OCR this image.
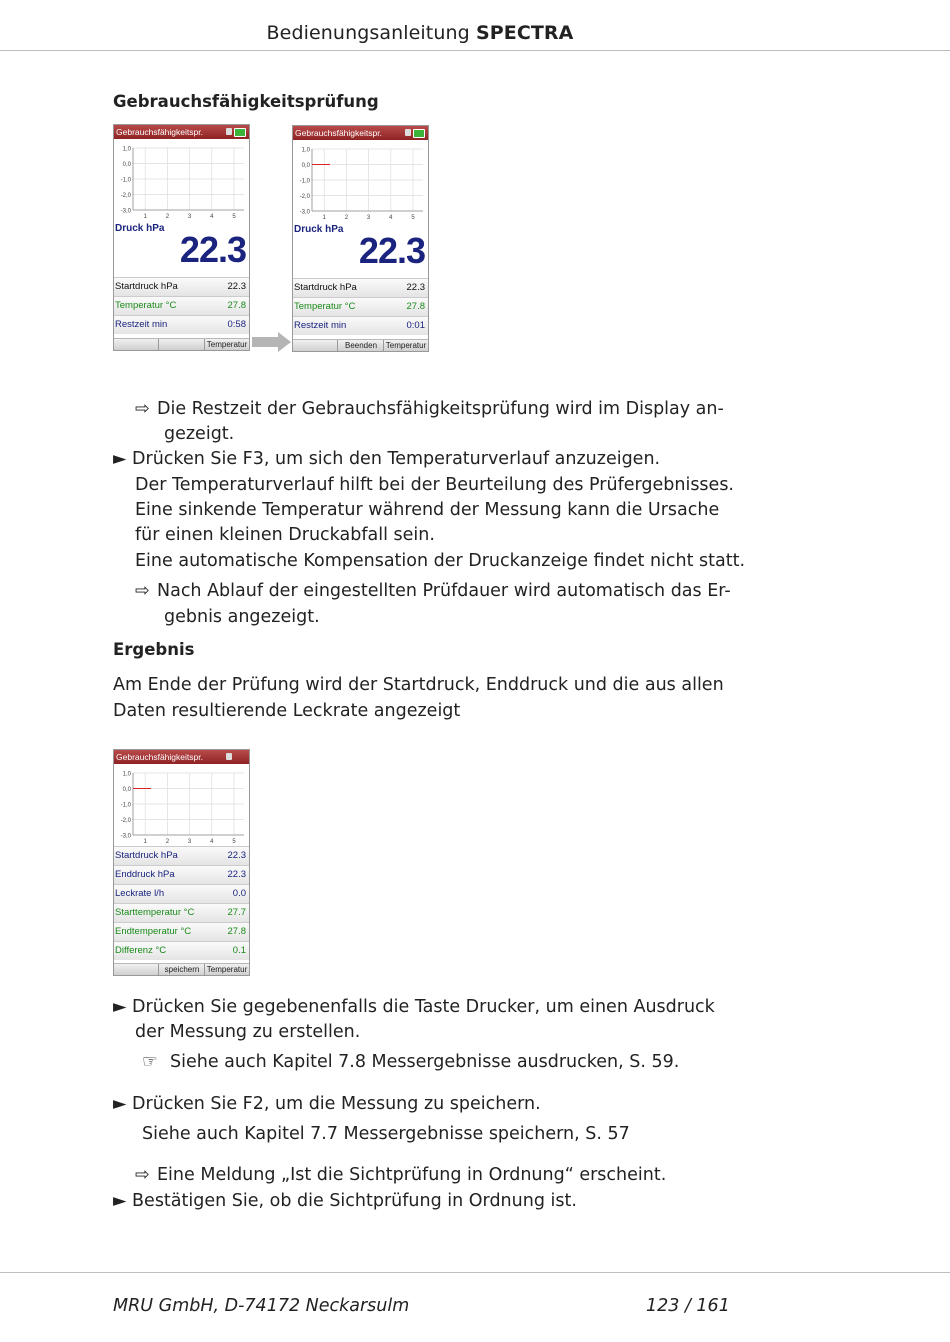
Bedienungsanleitung SPECTRA
Gebrauchsfähigkeitsprüfung
Gebrauchsfähigkeitspr.
1,0
0,0
-1,0
-2,0
-3,0
1	2	3	4	5
Druck hPa
22.3
Startdruck hPa	22.3
Temperatur °C	27.8
Restzeit min	0:58
Temperatur
Gebrauchsfähigkeitspr.
1,0
0,0
-1,0
-2,0
-3,0
1	2	3	4	5
Druck hPa
22.3
Startdruck hPa	22.3
Temperatur °C	27.8
Restzeit min	0:01
Beenden	Temperatur
⇨ Die Restzeit der Gebrauchsfähigkeitsprüfung wird im Display an-
gezeigt.
► Drücken Sie F3, um sich den Temperaturverlauf anzuzeigen.
Der Temperaturverlauf hilft bei der Beurteilung des Prüfergebnisses.
Eine sinkende Temperatur während der Messung kann die Ursache
für einen kleinen Druckabfall sein.
Eine automatische Kompensation der Druckanzeige findet nicht statt.
⇨ Nach Ablauf der eingestellten Prüfdauer wird automatisch das Er-
gebnis angezeigt.
Ergebnis
Am Ende der Prüfung wird der Startdruck, Enddruck und die aus allen
Daten resultierende Leckrate angezeigt
Gebrauchsfähigkeitspr.
1,0
0,0
-1,0
-2,0
-3,0
1	2	3	4	5
Startdruck hPa	22.3
Enddruck hPa	22.3
Leckrate l/h	0.0
Starttemperatur °C	27.7
Endtemperatur °C	27.8
Differenz °C	0.1
speichern Temperatur
► Drücken Sie gegebenenfalls die Taste Drucker, um einen Ausdruck
der Messung zu erstellen.
☞ Siehe auch Kapitel 7.8 Messergebnisse ausdrucken, S. 59.
► Drücken Sie F2, um die Messung zu speichern.
Siehe auch Kapitel 7.7 Messergebnisse speichern, S. 57
⇨ Eine Meldung „Ist die Sichtprüfung in Ordnung“ erscheint.
► Bestätigen Sie, ob die Sichtprüfung in Ordnung ist.
MRU GmbH, D-74172 Neckarsulm	123 / 161
